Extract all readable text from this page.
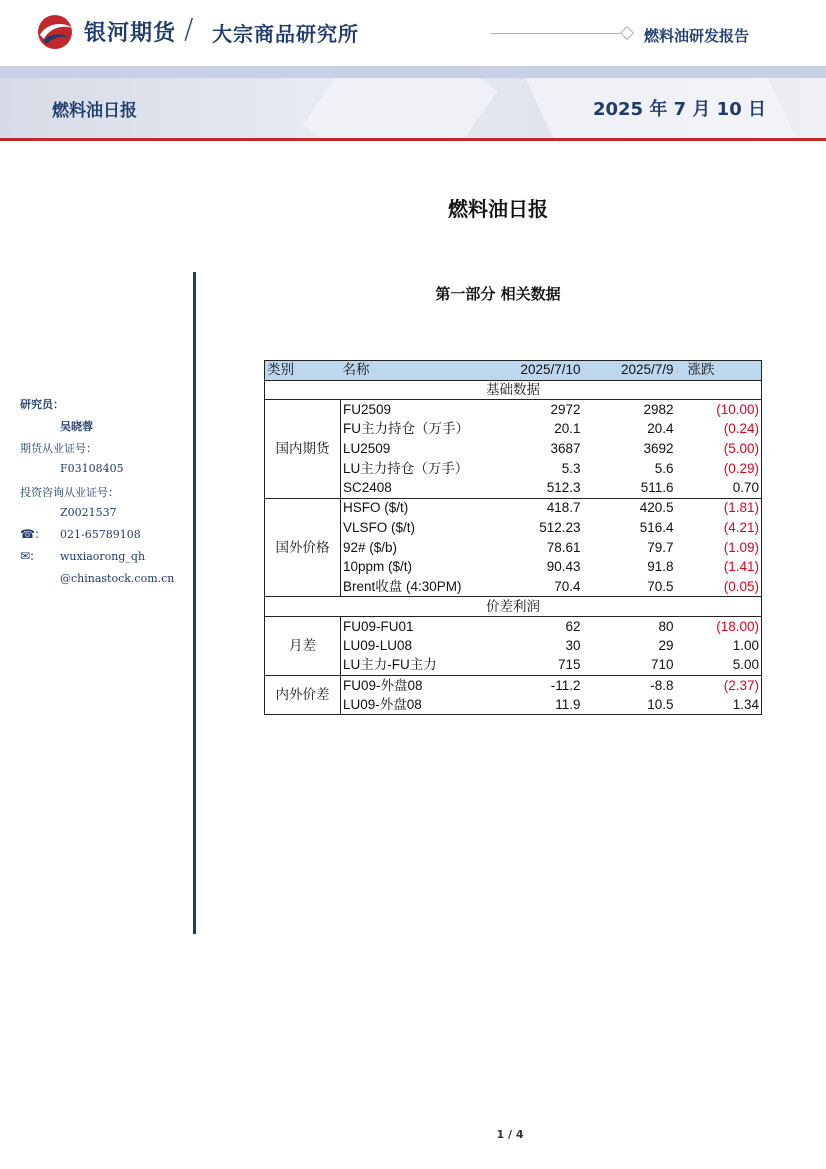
银河期货 / 大宗商品研究所	燃料油研发报告
燃料油日报	2025 年 7 月 10 日
燃料油日报
第一部分 相关数据
研究员：
吴晓蓉
期货从业证号：
F03108405
投资咨询从业证号：
Z0021537
☎: 021-65789108
✉: wuxiaorong_qh
@chinastock.com.cn
类别	名称	2025/7/10	2025/7/9	涨跌
基础数据				
国内期货	FU2509	2972	2982	(10.00)
	FU主力持仓（万手）	20.1	20.4	(0.24)
	LU2509	3687	3692	(5.00)
	LU主力持仓（万手）	5.3	5.6	(0.29)
	SC2408	512.3	511.6	0.70
国外价格	HSFO ($/t)	418.7	420.5	(1.81)
	VLSFO ($/t)	512.23	516.4	(4.21)
	92# ($/b)	78.61	79.7	(1.09)
	10ppm ($/t)	90.43	91.8	(1.41)
	Brent收盘 (4:30PM)	70.4	70.5	(0.05)
价差利润				
月差	FU09-FU01	62	80	(18.00)
	LU09-LU08	30	29	1.00
	LU主力-FU主力	715	710	5.00
内外价差	FU09-外盘08	-11.2	-8.8	(2.37)
	LU09-外盘08	11.9	10.5	1.34
1 / 4
